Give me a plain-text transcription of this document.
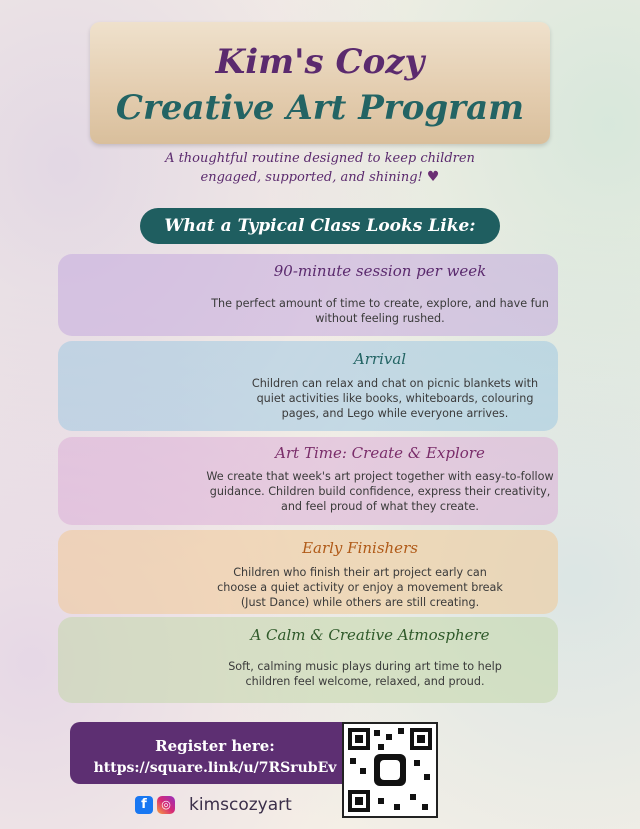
Kim's Cozy
Creative Art Program
A thoughtful routine designed to keep children engaged, supported, and shining! ♥
What a Typical Class Looks Like:
90-minute session per week
The perfect amount of time to create, explore, and have fun without feeling rushed.
Arrival
Children can relax and chat on picnic blankets with quiet activities like books, whiteboards, colouring pages, and Lego while everyone arrives.
Art Time: Create & Explore
We create that week's art project together with easy-to-follow guidance. Children build confidence, express their creativity, and feel proud of what they create.
♪
♫
♪
Early Finishers
Children who finish their art project early can choose a quiet activity or enjoy a movement break (Just Dance) while others are still creating.
A Calm & Creative Atmosphere
Soft, calming music plays during art time to help children feel welcome, relaxed, and proud.
Register here:
https://square.link/u/7RSrubEv
f	◎ kimscozyart
